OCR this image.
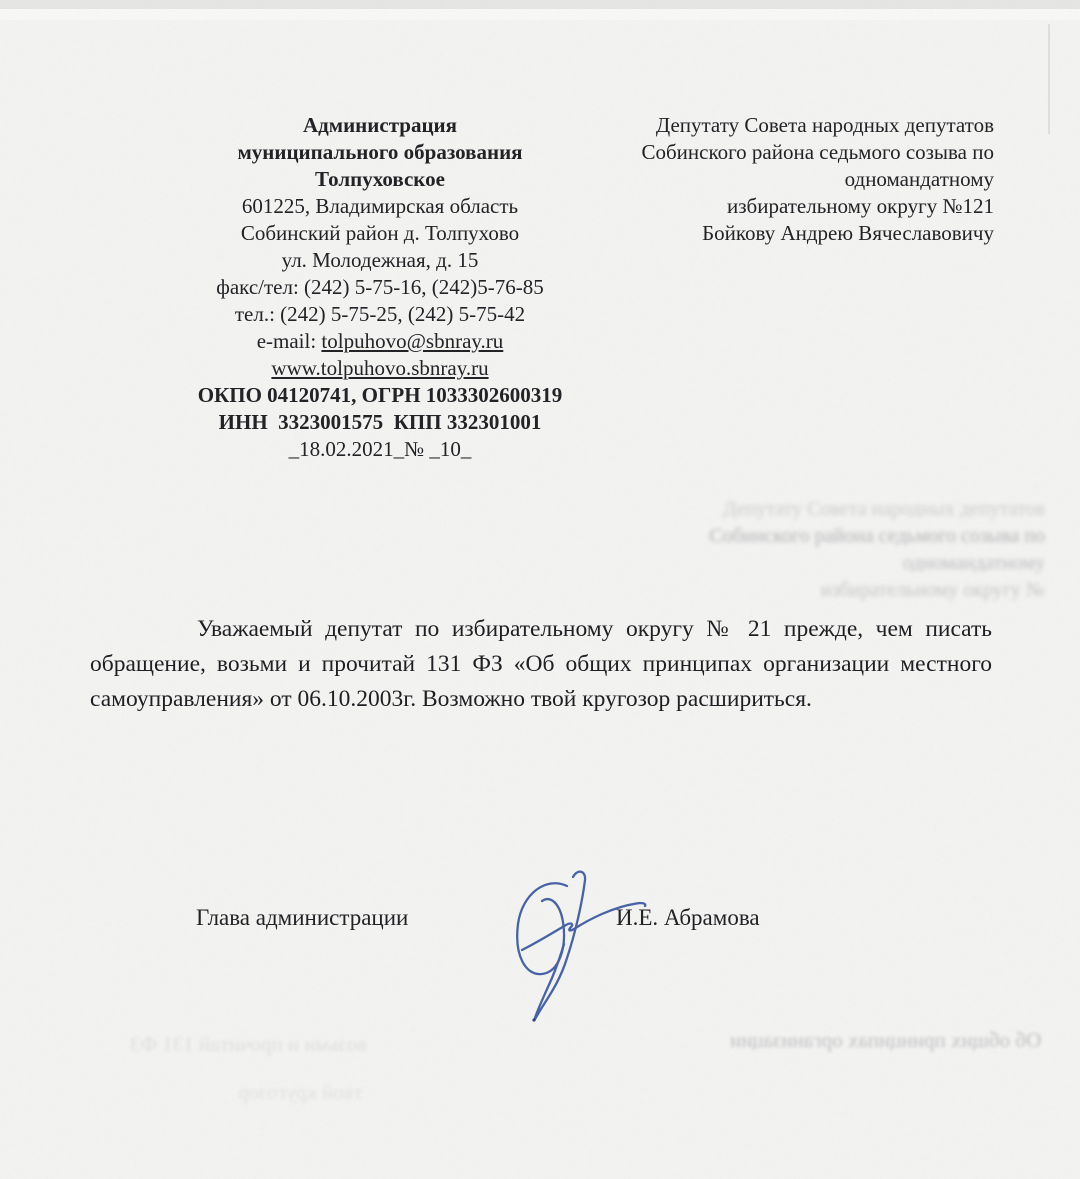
Администрация
муниципального образования
Толпуховское
601225, Владимирская область
Собинский район д. Толпухово
ул. Молодежная, д. 15
факс/тел: (242) 5-75-16, (242)5-76-85
тел.: (242) 5-75-25, (242) 5-75-42
e-mail: tolpuhovo@sbnray.ru
www.tolpuhovo.sbnray.ru
ОКПО 04120741, ОГРН 1033302600319
ИНН  3323001575  КПП 332301001
_18.02.2021_№ _10_
Депутату Совета народных депутатов
Собинского района седьмого созыва по
одномандатному
избирательному округу №121
Бойкову Андрею Вячеславовичу
Депутату Совета народных депутатов
Собинского района седьмого созыва по
одномандатному
избирательному округу №
Уважаемый депутат по избирательному округу № 21 прежде, чем писать обращение, возьми и прочитай 131 ФЗ «Об общих принципах организации местного самоуправления» от 06.10.2003г. Возможно твой кругозор расшириться.
Глава администрации	И.Е. Абрамова
Об общих принципах организации
возьми и прочитай 131 ФЗ
твой кругозор
